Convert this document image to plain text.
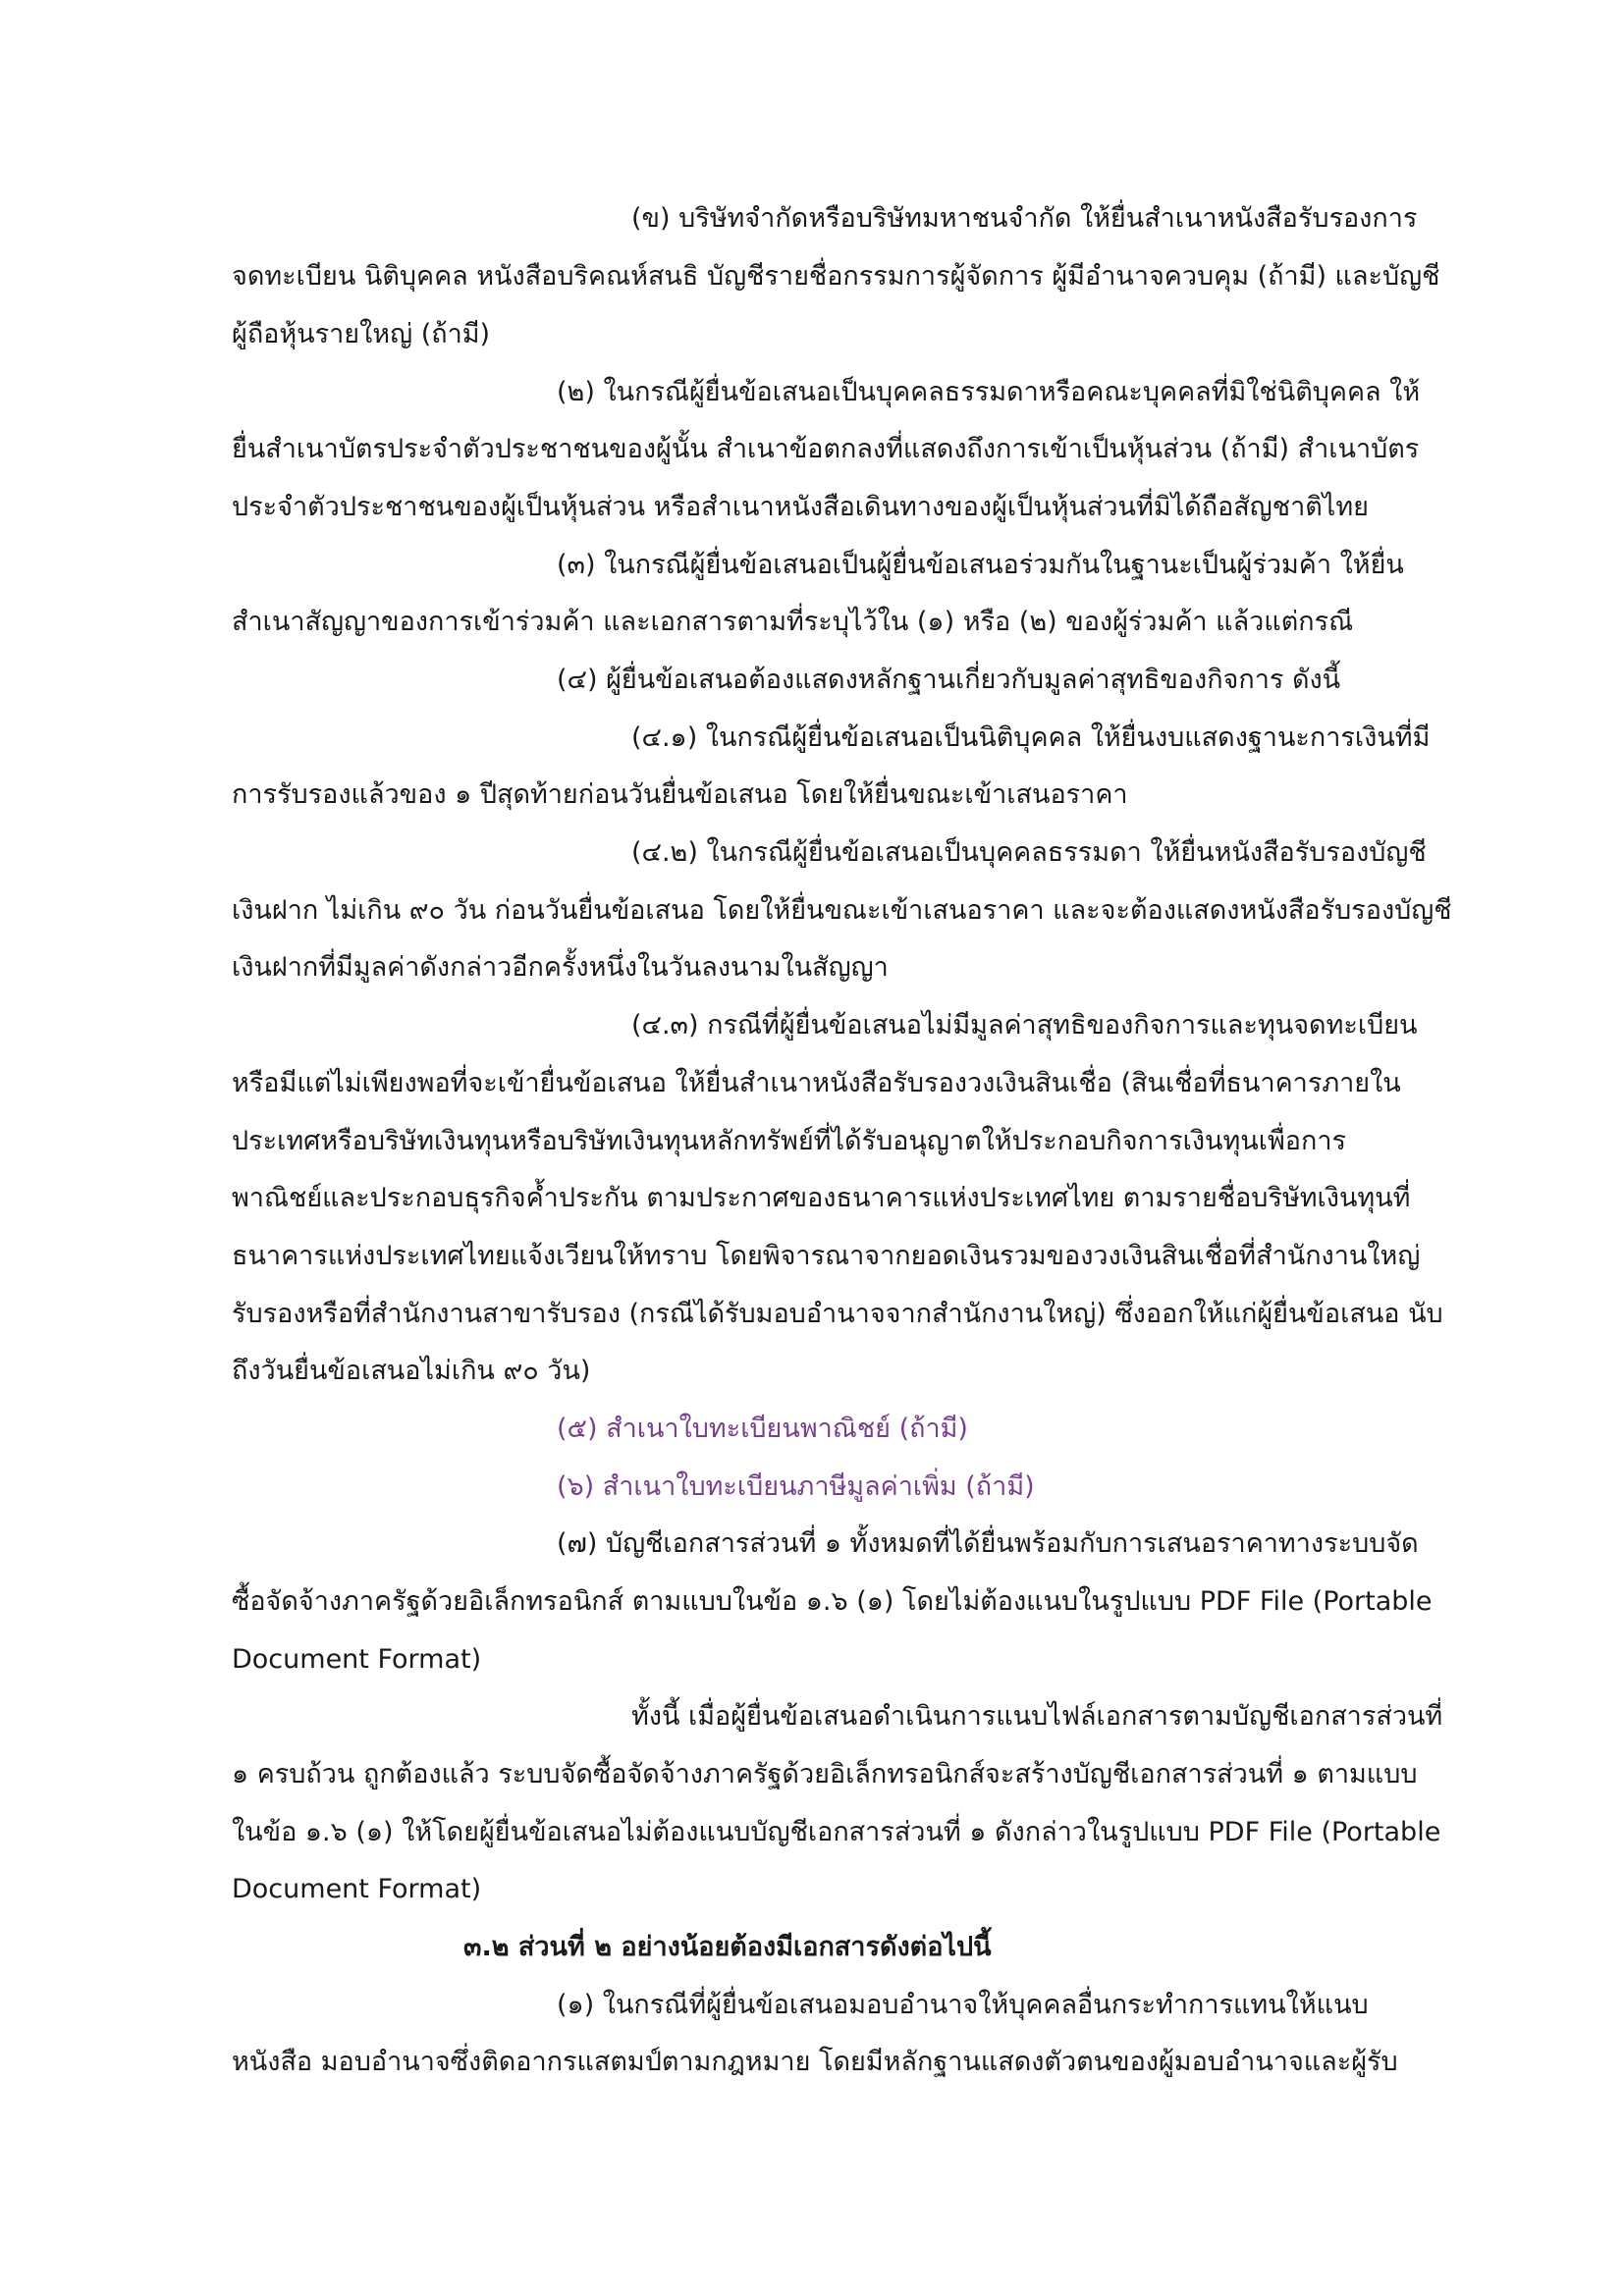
(ข) บริษัทจำกัดหรือบริษัทมหาชนจำกัด ให้ยื่นสำเนาหนังสือรับรองการ
จดทะเบียน นิติบุคคล หนังสือบริคณห์สนธิ บัญชีรายชื่อกรรมการผู้จัดการ ผู้มีอำนาจควบคุม (ถ้ามี) และบัญชี
ผู้ถือหุ้นรายใหญ่ (ถ้ามี)
(๒) ในกรณีผู้ยื่นข้อเสนอเป็นบุคคลธรรมดาหรือคณะบุคคลที่มิใช่นิติบุคคล ให้
ยื่นสำเนาบัตรประจำตัวประชาชนของผู้นั้น สำเนาข้อตกลงที่แสดงถึงการเข้าเป็นหุ้นส่วน (ถ้ามี) สำเนาบัตร
ประจำตัวประชาชนของผู้เป็นหุ้นส่วน หรือสำเนาหนังสือเดินทางของผู้เป็นหุ้นส่วนที่มิได้ถือสัญชาติไทย
(๓) ในกรณีผู้ยื่นข้อเสนอเป็นผู้ยื่นข้อเสนอร่วมกันในฐานะเป็นผู้ร่วมค้า ให้ยื่น
สำเนาสัญญาของการเข้าร่วมค้า และเอกสารตามที่ระบุไว้ใน (๑) หรือ (๒) ของผู้ร่วมค้า แล้วแต่กรณี
(๔) ผู้ยื่นข้อเสนอต้องแสดงหลักฐานเกี่ยวกับมูลค่าสุทธิของกิจการ ดังนี้
(๔.๑) ในกรณีผู้ยื่นข้อเสนอเป็นนิติบุคคล ให้ยื่นงบแสดงฐานะการเงินที่มี
การรับรองแล้วของ ๑ ปีสุดท้ายก่อนวันยื่นข้อเสนอ โดยให้ยื่นขณะเข้าเสนอราคา
(๔.๒) ในกรณีผู้ยื่นข้อเสนอเป็นบุคคลธรรมดา ให้ยื่นหนังสือรับรองบัญชี
เงินฝาก ไม่เกิน ๙๐ วัน ก่อนวันยื่นข้อเสนอ โดยให้ยื่นขณะเข้าเสนอราคา และจะต้องแสดงหนังสือรับรองบัญชี
เงินฝากที่มีมูลค่าดังกล่าวอีกครั้งหนึ่งในวันลงนามในสัญญา
(๔.๓) กรณีที่ผู้ยื่นข้อเสนอไม่มีมูลค่าสุทธิของกิจการและทุนจดทะเบียน
หรือมีแต่ไม่เพียงพอที่จะเข้ายื่นข้อเสนอ ให้ยื่นสำเนาหนังสือรับรองวงเงินสินเชื่อ (สินเชื่อที่ธนาคารภายใน
ประเทศหรือบริษัทเงินทุนหรือบริษัทเงินทุนหลักทรัพย์ที่ได้รับอนุญาตให้ประกอบกิจการเงินทุนเพื่อการ
พาณิชย์และประกอบธุรกิจค้ำประกัน ตามประกาศของธนาคารแห่งประเทศไทย ตามรายชื่อบริษัทเงินทุนที่
ธนาคารแห่งประเทศไทยแจ้งเวียนให้ทราบ โดยพิจารณาจากยอดเงินรวมของวงเงินสินเชื่อที่สำนักงานใหญ่
รับรองหรือที่สำนักงานสาขารับรอง (กรณีได้รับมอบอำนาจจากสำนักงานใหญ่) ซึ่งออกให้แก่ผู้ยื่นข้อเสนอ นับ
ถึงวันยื่นข้อเสนอไม่เกิน ๙๐ วัน)
(๕) สำเนาใบทะเบียนพาณิชย์ (ถ้ามี)
(๖) สำเนาใบทะเบียนภาษีมูลค่าเพิ่ม (ถ้ามี)
(๗) บัญชีเอกสารส่วนที่ ๑ ทั้งหมดที่ได้ยื่นพร้อมกับการเสนอราคาทางระบบจัด
ซื้อจัดจ้างภาครัฐด้วยอิเล็กทรอนิกส์ ตามแบบในข้อ ๑.๖ (๑) โดยไม่ต้องแนบในรูปแบบ PDF File (Portable
Document Format)
ทั้งนี้ เมื่อผู้ยื่นข้อเสนอดำเนินการแนบไฟล์เอกสารตามบัญชีเอกสารส่วนที่
๑ ครบถ้วน ถูกต้องแล้ว ระบบจัดซื้อจัดจ้างภาครัฐด้วยอิเล็กทรอนิกส์จะสร้างบัญชีเอกสารส่วนที่ ๑ ตามแบบ
ในข้อ ๑.๖ (๑) ให้โดยผู้ยื่นข้อเสนอไม่ต้องแนบบัญชีเอกสารส่วนที่ ๑ ดังกล่าวในรูปแบบ PDF File (Portable
Document Format)
๓.๒ ส่วนที่ ๒ อย่างน้อยต้องมีเอกสารดังต่อไปนี้
(๑) ในกรณีที่ผู้ยื่นข้อเสนอมอบอำนาจให้บุคคลอื่นกระทำการแทนให้แนบ
หนังสือ มอบอำนาจซึ่งติดอากรแสตมป์ตามกฎหมาย โดยมีหลักฐานแสดงตัวตนของผู้มอบอำนาจและผู้รับ
